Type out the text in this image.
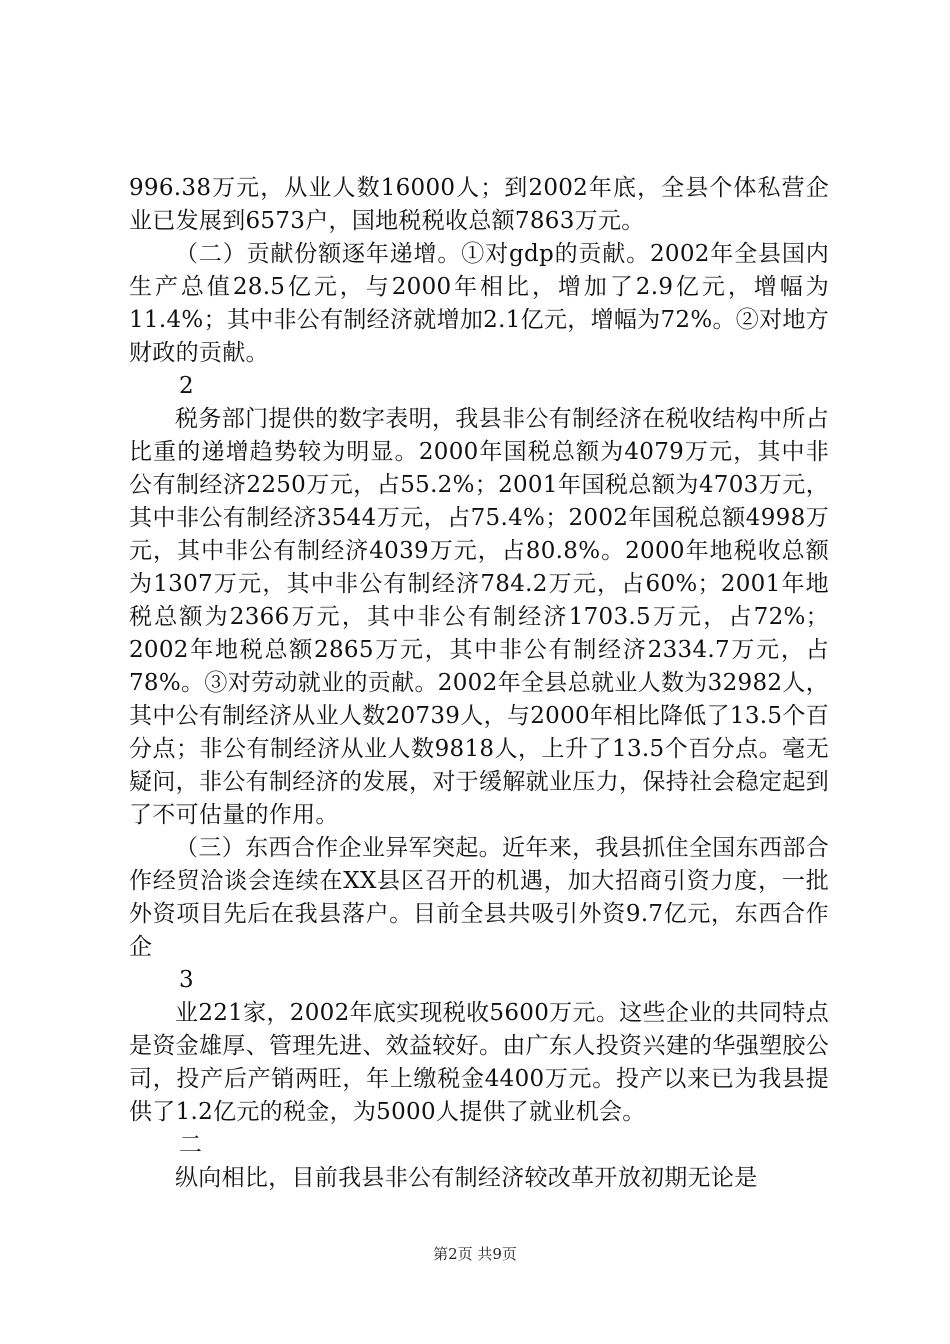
996.38万元，从业人数16000人；到2002年底，全县个体私营企业已发展到6573户，国地税税收总额7863万元。

（二）贡献份额逐年递增。①对gdp的贡献。2002年全县国内生产总值28.5亿元，与2000年相比，增加了2.9亿元，增幅为11.4%；其中非公有制经济就增加2.1亿元，增幅为72%。②对地方财政的贡献。

2

税务部门提供的数字表明，我县非公有制经济在税收结构中所占比重的递增趋势较为明显。2000年国税总额为4079万元，其中非公有制经济2250万元，占55.2%；2001年国税总额为4703万元，其中非公有制经济3544万元，占75.4%；2002年国税总额4998万元，其中非公有制经济4039万元，占80.8%。2000年地税收总额为1307万元，其中非公有制经济784.2万元，占60%；2001年地税总额为2366万元，其中非公有制经济1703.5万元，占72%；2002年地税总额2865万元，其中非公有制经济2334.7万元，占78%。③对劳动就业的贡献。2002年全县总就业人数为32982人，其中公有制经济从业人数20739人，与2000年相比降低了13.5个百分点；非公有制经济从业人数9818人，上升了13.5个百分点。毫无疑问，非公有制经济的发展，对于缓解就业压力，保持社会稳定起到了不可估量的作用。

（三）东西合作企业异军突起。近年来，我县抓住全国东西部合作经贸洽谈会连续在XX县区召开的机遇，加大招商引资力度，一批外资项目先后在我县落户。目前全县共吸引外资9.7亿元，东西合作企

3

业221家，2002年底实现税收5600万元。这些企业的共同特点是资金雄厚、管理先进、效益较好。由广东人投资兴建的华强塑胶公司，投产后产销两旺，年上缴税金4400万元。投产以来已为我县提供了1.2亿元的税金，为5000人提供了就业机会。

二

纵向相比，目前我县非公有制经济较改革开放初期无论是

第2页 共9页
